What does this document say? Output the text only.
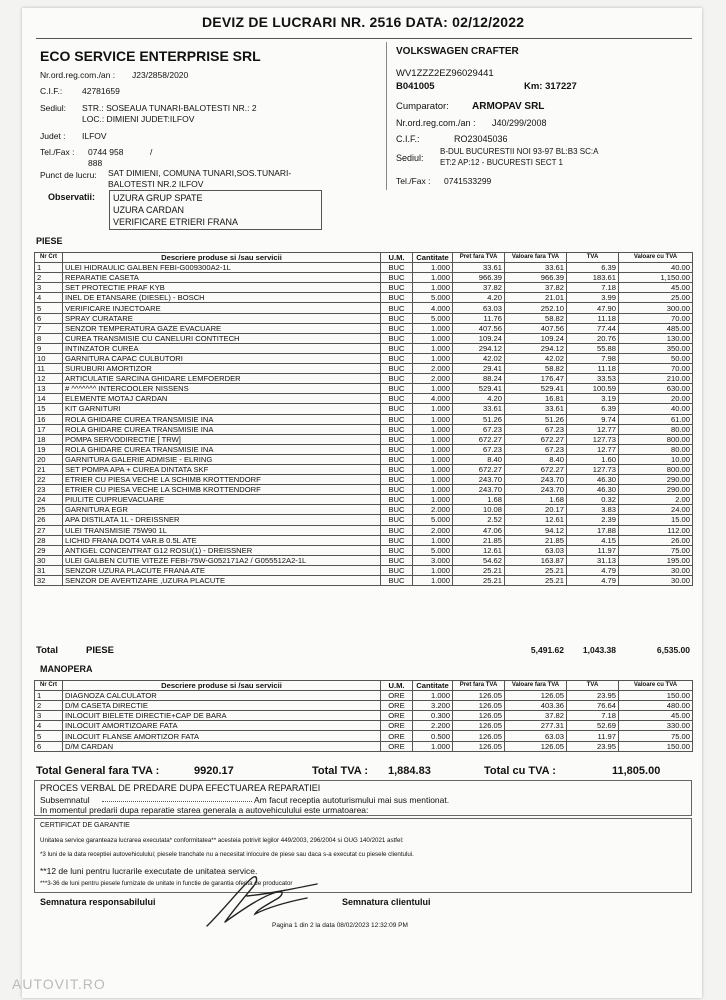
DEVIZ DE LUCRARI NR. 2516 DATA: 02/12/2022
ECO SERVICE ENTERPRISE SRL
Nr.ord.reg.com./an : J23/2858/2020
C.I.F.: 42781659
Sediul: STR.: SOSEAUA TUNARI-BALOTESTI NR.: 2
LOC.: DIMIENI JUDET:ILFOV
Judet : ILFOV
Tel./Fax : 0744 958	/
888
Punct de lucru: SAT DIMIENI, COMUNA TUNARI,SOS.TUNARI-
BALOTESTI NR.2 ILFOV
VOLKSWAGEN CRAFTER
WV1ZZZ2EZ96029441
B041005	Km: 317227
Cumparator: ARMOPAV SRL
Nr.ord.reg.com./an : J40/299/2008
C.I.F.:	RO23045036
Sediul:
B-DUL BUCURESTII NOI 93-97 BL:B3 SC:A
ET:2 AP:12 - BUCURESTI SECT 1
Tel./Fax : 0741533299
Observatii: UZURA GRUP SPATE
UZURA CARDAN
VERIFICARE ETRIERI FRANA
PIESE
Nr Crt	Descriere produse si /sau servicii	U.M.	Cantitate	Pret fara TVA	Valoare fara TVA	TVA	Valoare cu TVA
1	ULEI HIDRAULIC GALBEN FEBI-G009300A2-1L	BUC	1.000	33.61	33.61	6.39	40.00
2	REPARATIE CASETA	BUC	1.000	966.39	966.39	183.61	1,150.00
3	SET PROTECTIE PRAF KYB	BUC	1.000	37.82	37.82	7.18	45.00
4	INEL DE ETANSARE (DIESEL) - BOSCH	BUC	5.000	4.20	21.01	3.99	25.00
5	VERIFICARE INJECTOARE	BUC	4.000	63.03	252.10	47.90	300.00
6	SPRAY CURATARE	BUC	5.000	11.76	58.82	11.18	70.00
7	SENZOR TEMPERATURA GAZE EVACUARE	BUC	1.000	407.56	407.56	77.44	485.00
8	CUREA TRANSMISIE CU CANELURI CONTITECH	BUC	1.000	109.24	109.24	20.76	130.00
9	INTINZATOR CUREA	BUC	1.000	294.12	294.12	55.88	350.00
10	GARNITURA CAPAC CULBUTORI	BUC	1.000	42.02	42.02	7.98	50.00
11	SURUBURI AMORTIZOR	BUC	2.000	29.41	58.82	11.18	70.00
12	ARTICULATIE SARCINA GHIDARE LEMFOERDER	BUC	2.000	88.24	176.47	33.53	210.00
13	# ^^^^^^^ INTERCOOLER NISSENS	BUC	1.000	529.41	529.41	100.59	630.00
14	ELEMENTE MOTAJ CARDAN	BUC	4.000	4.20	16.81	3.19	20.00
15	KIT GARNITURI	BUC	1.000	33.61	33.61	6.39	40.00
16	ROLA GHIDARE CUREA TRANSMISIE INA	BUC	1.000	51.26	51.26	9.74	61.00
17	ROLA GHIDARE CUREA TRANSMISIE INA	BUC	1.000	67.23	67.23	12.77	80.00
18	POMPA SERVODIRECTIE [ TRW]	BUC	1.000	672.27	672.27	127.73	800.00
19	ROLA GHIDARE CUREA TRANSMISIE INA	BUC	1.000	67.23	67.23	12.77	80.00
20	GARNITURA GALERIE ADMISIE - ELRING	BUC	1.000	8.40	8.40	1.60	10.00
21	SET POMPA APA + CUREA DINTATA SKF	BUC	1.000	672.27	672.27	127.73	800.00
22	ETRIER CU PIESA VECHE LA SCHIMB KROTTENDORF	BUC	1.000	243.70	243.70	46.30	290.00
23	ETRIER CU PIESA VECHE LA SCHIMB KROTTENDORF	BUC	1.000	243.70	243.70	46.30	290.00
24	PIULITE CUPRUEVACUARE	BUC	1.000	1.68	1.68	0.32	2.00
25	GARNITURA EGR	BUC	2.000	10.08	20.17	3.83	24.00
26	APA DISTILATA 1L - DREISSNER	BUC	5.000	2.52	12.61	2.39	15.00
27	ULEI TRANSMISIE 75W90 1L	BUC	2.000	47.06	94.12	17.88	112.00
28	LICHID FRANA DOT4 VAR.B 0.5L ATE	BUC	1.000	21.85	21.85	4.15	26.00
29	ANTIGEL CONCENTRAT G12 ROSU(1) - DREISSNER	BUC	5.000	12.61	63.03	11.97	75.00
30	ULEI GALBEN CUTIE VITEZE FEBI-75W-G052171A2 / G055512A2-1L	BUC	3.000	54.62	163.87	31.13	195.00
31	SENZOR UZURA PLACUTE FRANA ATE	BUC	1.000	25.21	25.21	4.79	30.00
32	SENZOR DE AVERTIZARE ,UZURA PLACUTE	BUC	1.000	25.21	25.21	4.79	30.00
Total	PIESE	5,491.62	1,043.38	6,535.00
MANOPERA
Nr Crt	Descriere produse si /sau servicii	U.M.	Cantitate	Pret fara TVA	Valoare fara TVA	TVA	Valoare cu TVA
1	DIAGNOZA CALCULATOR	ORE	1.000	126.05	126.05	23.95	150.00
2	D/M CASETA DIRECTIE	ORE	3.200	126.05	403.36	76.64	480.00
3	INLOCUIT BIELETE DIRECTIE+CAP DE BARA	ORE	0.300	126.05	37.82	7.18	45.00
4	INLOCUIT AMORTIZOARE FATA	ORE	2.200	126.05	277.31	52.69	330.00
5	INLOCUIT FLANSE AMORTIZOR FATA	ORE	0.500	126.05	63.03	11.97	75.00
6	D/M CARDAN	ORE	1.000	126.05	126.05	23.95	150.00
Total General fara TVA :	9920.17	Total TVA : 1,884.83	Total cu TVA :	11,805.00
PROCES VERBAL DE PREDARE DUPA EFECTUAREA REPARATIEI
Subsemnatul	Am facut receptia autoturismului mai sus mentionat.
In momentul predarii dupa reparatie starea generala a autovehiculului este urmatoarea:
CERTIFICAT DE GARANTIE
Unitatea service garanteaza lucrarea executata* conformitatea** acesteia potrivit legilor 449/2003, 296/2004 si OUG 140/2021 astfel:
*3 luni de la data receptiei autovehiculului; piesele tranchate nu a necesitat inlocuire de piese sau daca s-a executat cu piesele clientului.
**12 de luni pentru lucrarile executate de unitatea service.
***3-36 de luni pentru piesele furnizate de unitate in functie de garantia oferita de producator
Semnatura responsabilului	Semnatura clientului
Pagina 1 din 2 la data 08/02/2023 12:32:09 PM
AUTOVIT.RO
